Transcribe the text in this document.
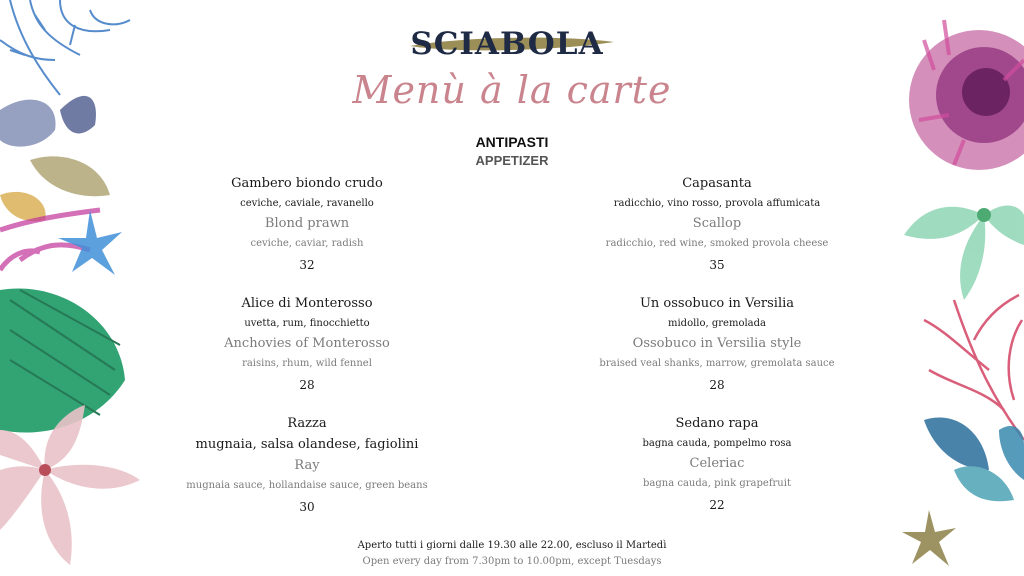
SCIABOLA
Menù à la carte
ANTIPASTI
APPETIZER
Gambero biondo crudo
ceviche, caviale, ravanello
Blond prawn
ceviche, caviar, radish
32
Capasanta
radicchio, vino rosso, provola affumicata
Scallop
radicchio, red wine, smoked provola cheese
35
Alice di Monterosso
uvetta, rum, finocchietto
Anchovies of Monterosso
raisins, rhum, wild fennel
28
Un ossobuco in Versilia
midollo, gremolada
Ossobuco in Versilia style
braised veal shanks, marrow, gremolata sauce
28
Razza
mugnaia, salsa olandese, fagiolini
Ray
mugnaia sauce, hollandaise sauce, green beans
30
Sedano rapa
bagna cauda, pompelmo rosa
Celeriac
bagna cauda, pink grapefruit
22
Aperto tutti i giorni dalle 19.30 alle 22.00, escluso il Martedì
Open every day from 7.30pm to 10.00pm, except Tuesdays
